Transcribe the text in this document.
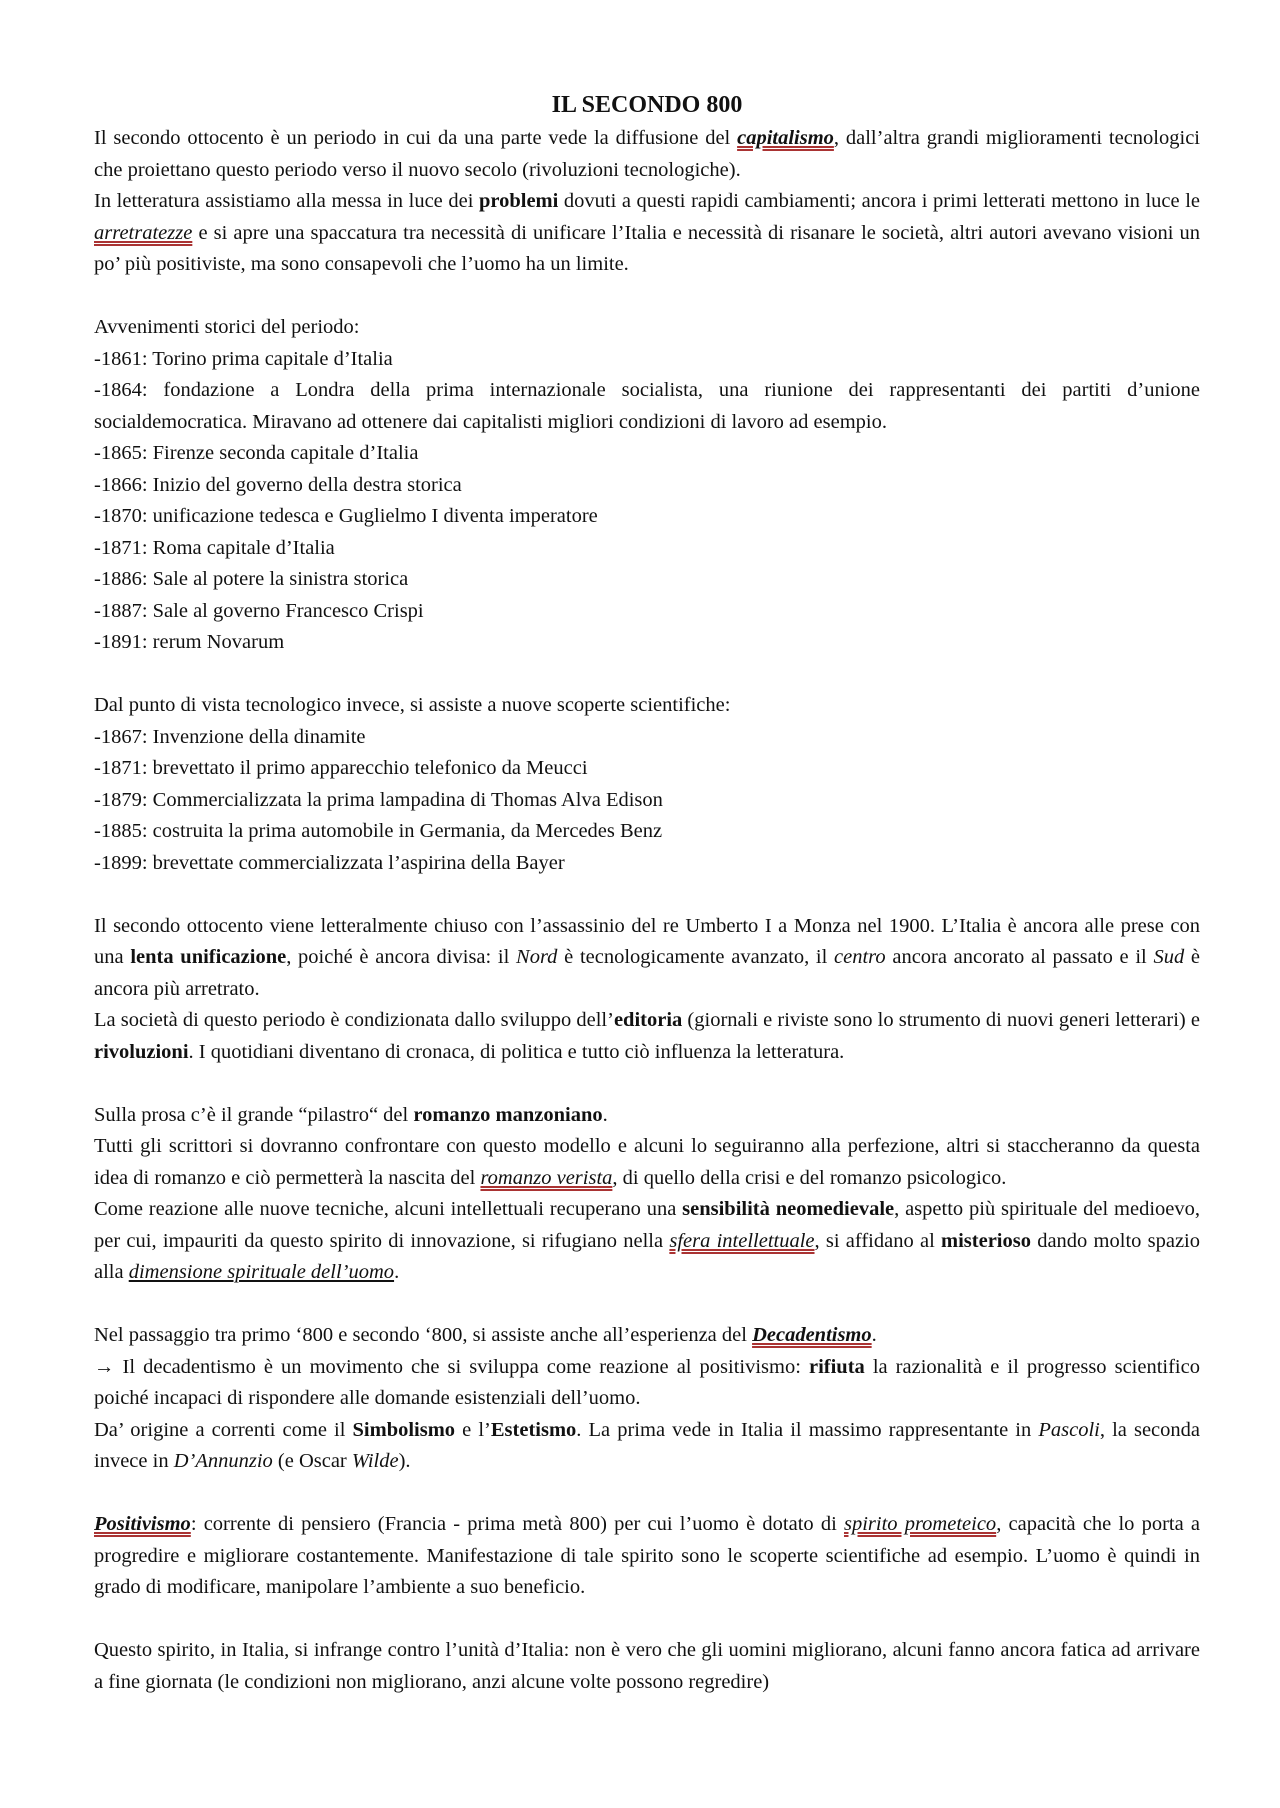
IL SECONDO 800

Il secondo ottocento è un periodo in cui da una parte vede la diffusione del capitalismo, dall’altra grandi miglioramenti tecnologici che proiettano questo periodo verso il nuovo secolo (rivoluzioni tecnologiche).

In letteratura assistiamo alla messa in luce dei problemi dovuti a questi rapidi cambiamenti; ancora i primi letterati mettono in luce le arretratezze e si apre una spaccatura tra necessità di unificare l’Italia e necessità di risanare le società, altri autori avevano visioni un po’ più positiviste, ma sono consapevoli che l’uomo ha un limite.

Avvenimenti storici del periodo:

-1861: Torino prima capitale d’Italia

-1864: fondazione a Londra della prima internazionale socialista, una riunione dei rappresentanti dei partiti d’unione socialdemocratica. Miravano ad ottenere dai capitalisti migliori condizioni di lavoro ad esempio.

-1865: Firenze seconda capitale d’Italia

-1866: Inizio del governo della destra storica

-1870: unificazione tedesca e Guglielmo I diventa imperatore

-1871: Roma capitale d’Italia

-1886: Sale al potere la sinistra storica

-1887: Sale al governo Francesco Crispi

-1891: rerum Novarum

Dal punto di vista tecnologico invece, si assiste a nuove scoperte scientifiche:

-1867: Invenzione della dinamite

-1871: brevettato il primo apparecchio telefonico da Meucci

-1879: Commercializzata la prima lampadina di Thomas Alva Edison

-1885: costruita la prima automobile in Germania, da Mercedes Benz

-1899: brevettate commercializzata l’aspirina della Bayer

Il secondo ottocento viene letteralmente chiuso con l’assassinio del re Umberto I a Monza nel 1900. L’Italia è ancora alle prese con una lenta unificazione, poiché è ancora divisa: il Nord è tecnologicamente avanzato, il centro ancora ancorato al passato e il Sud è ancora più arretrato.

La società di questo periodo è condizionata dallo sviluppo dell’editoria (giornali e riviste sono lo strumento di nuovi generi letterari) e rivoluzioni. I quotidiani diventano di cronaca, di politica e tutto ciò influenza la letteratura.

Sulla prosa c’è il grande “pilastro“ del romanzo manzoniano.

Tutti gli scrittori si dovranno confrontare con questo modello e alcuni lo seguiranno alla perfezione, altri si staccheranno da questa idea di romanzo e ciò permetterà la nascita del romanzo verista, di quello della crisi e del romanzo psicologico.

Come reazione alle nuove tecniche, alcuni intellettuali recuperano una sensibilità neomedievale, aspetto più spirituale del medioevo, per cui, impauriti da questo spirito di innovazione, si rifugiano nella sfera intellettuale, si affidano al misterioso dando molto spazio alla dimensione spirituale dell’uomo.

Nel passaggio tra primo ‘800 e secondo ‘800, si assiste anche all’esperienza del Decadentismo.

→ Il decadentismo è un movimento che si sviluppa come reazione al positivismo: rifiuta la razionalità e il progresso scientifico poiché incapaci di rispondere alle domande esistenziali dell’uomo.

Da’ origine a correnti come il Simbolismo e l’Estetismo. La prima vede in Italia il massimo rappresentante in Pascoli, la seconda invece in D’Annunzio (e Oscar Wilde).

Positivismo: corrente di pensiero (Francia - prima metà 800) per cui l’uomo è dotato di spirito prometeico, capacità che lo porta a progredire e migliorare costantemente. Manifestazione di tale spirito sono le scoperte scientifiche ad esempio. L’uomo è quindi in grado di modificare, manipolare l’ambiente a suo beneficio.

Questo spirito, in Italia, si infrange contro l’unità d’Italia: non è vero che gli uomini migliorano, alcuni fanno ancora fatica ad arrivare a fine giornata (le condizioni non migliorano, anzi alcune volte possono regredire)
